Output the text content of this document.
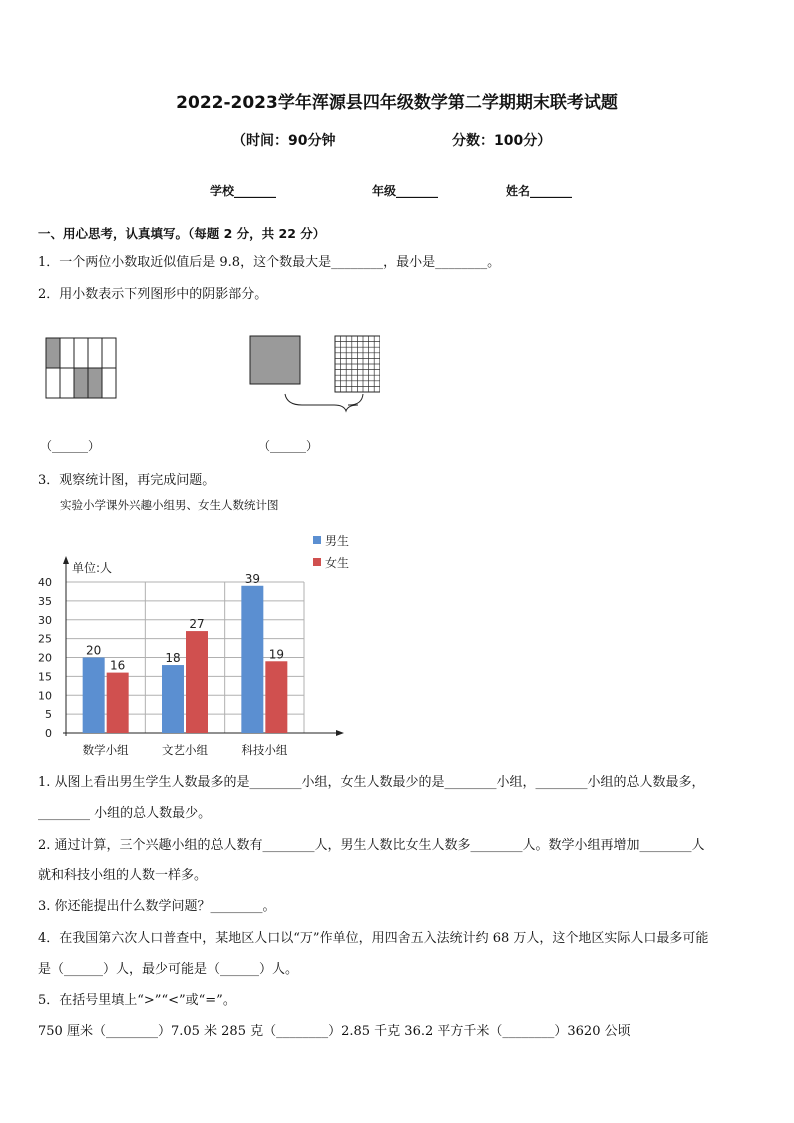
2022-2023学年浑源县四年级数学第二学期期末联考试题
（时间：90分钟	分数：100分）
学校_______	年级_______	姓名_______
一、用心思考，认真填写。（每题 2 分，共 22 分）
1．一个两位小数取近似值后是 9.8，这个数最大是________，最小是________。
2．用小数表示下列图形中的阴影部分。
（______）	（______）
3．观察统计图，再完成问题。
实验小学课外兴趣小组男、女生人数统计图
0
5
10
15
20
25
30
35
40
单位:人
20
16
数学小组
18
27
文艺小组
39
19
科技小组
男生
女生
1. 从图上看出男生学生人数最多的是________小组，女生人数最少的是________小组，________小组的总人数最多，
________ 小组的总人数最少。
2. 通过计算，三个兴趣小组的总人数有________人，男生人数比女生人数多________人。数学小组再增加________人
就和科技小组的人数一样多。
3. 你还能提出什么数学问题？________。
4．在我国第六次人口普查中，某地区人口以“万”作单位，用四舍五入法统计约 68 万人，这个地区实际人口最多可能
是（______）人，最少可能是（______）人。
5．在括号里填上“>”“<”或“=”。
750 厘米（________）7.05 米 285 克（________）2.85 千克 36.2 平方千米（________）3620 公顷
